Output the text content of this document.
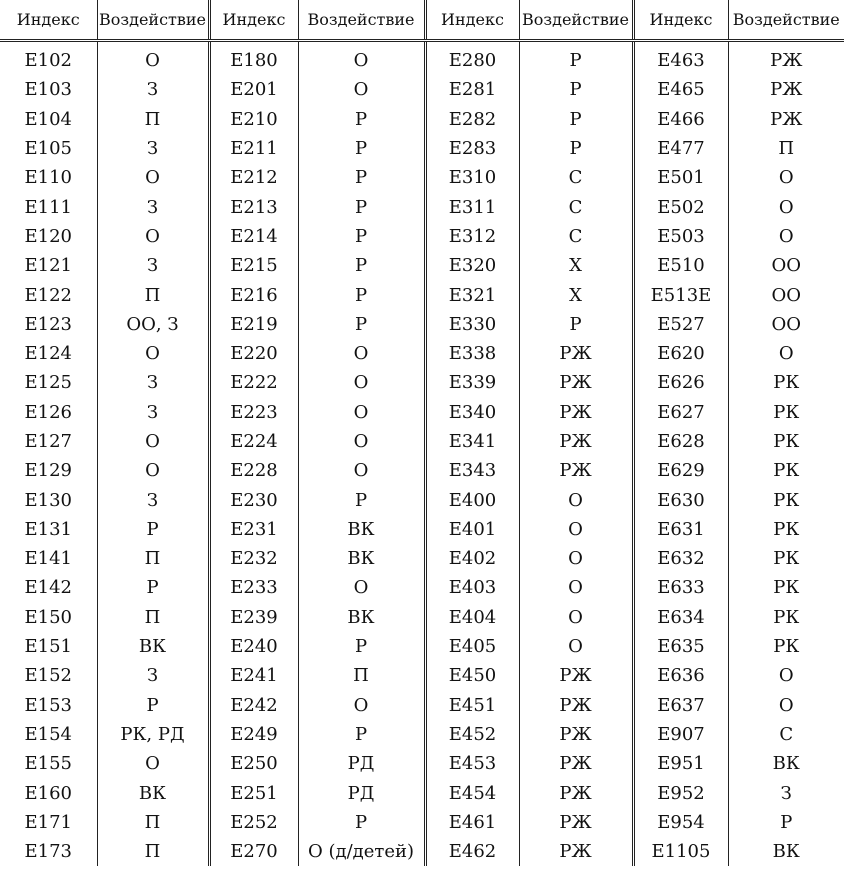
Индекс	Воздействие	Индекс	Воздействие	Индекс	Воздействие	Индекс	Воздействие
E102	О	E180	О	E280	Р	E463	РЖ
E103	З	E201	О	E281	Р	E465	РЖ
E104	П	E210	Р	E282	Р	E466	РЖ
E105	З	E211	Р	E283	Р	E477	П
E110	О	E212	Р	E310	С	E501	О
E111	З	E213	Р	E311	С	E502	О
E120	О	E214	Р	E312	С	E503	О
E121	З	E215	Р	E320	Х	E510	ОО
E122	П	E216	Р	E321	Х	E513E	ОО
E123	ОО, З	E219	Р	E330	Р	E527	ОО
E124	О	E220	О	E338	РЖ	E620	О
E125	З	E222	О	E339	РЖ	E626	РК
E126	З	E223	О	E340	РЖ	E627	РК
E127	О	E224	О	E341	РЖ	E628	РК
E129	О	E228	О	E343	РЖ	E629	РК
E130	З	E230	Р	E400	О	E630	РК
E131	Р	E231	ВК	E401	О	E631	РК
E141	П	E232	ВК	E402	О	E632	РК
E142	Р	E233	О	E403	О	E633	РК
E150	П	E239	ВК	E404	О	E634	РК
E151	ВК	E240	Р	E405	О	E635	РК
E152	З	E241	П	E450	РЖ	E636	О
E153	Р	E242	О	E451	РЖ	E637	О
E154	РК, РД	E249	Р	E452	РЖ	E907	С
E155	О	E250	РД	E453	РЖ	E951	ВК
E160	ВК	E251	РД	E454	РЖ	E952	З
E171	П	E252	Р	E461	РЖ	E954	Р
E173	П	E270	О (д/детей)	E462	РЖ	E1105	ВК
